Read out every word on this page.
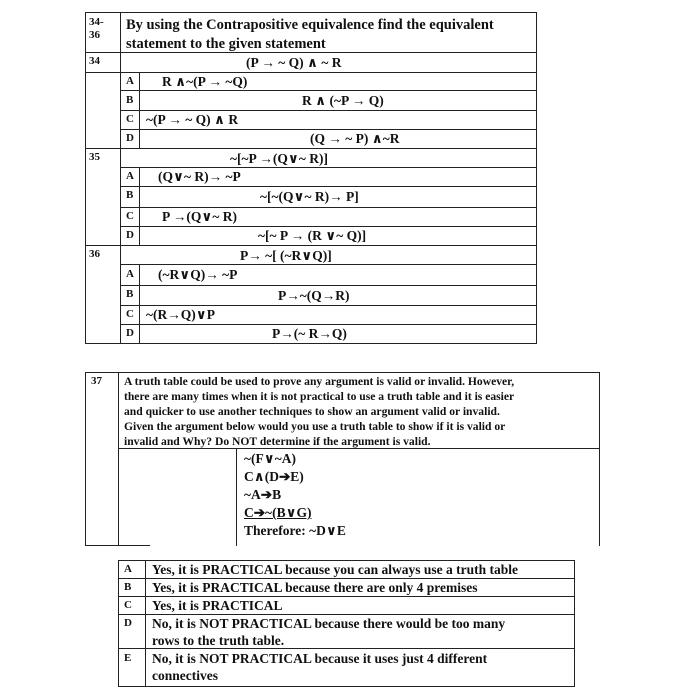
34-
36
By using the Contrapositive equivalence find the equivalent
statement to the given statement
34	(P → ~ Q) ∧ ~ R
A R ∧~(P → ~Q)
B	R ∧ (~P → Q)
C ~(P → ~ Q) ∧ R
D	(Q → ~ P) ∧~R
35	~[~P →(Q∨~ R)]
A (Q∨~ R)→ ~P
B	~[~(Q∨~ R)→ P]
C P →(Q∨~ R)
D	~[~ P → (R ∨~ Q)]
36	P→ ~[ (~R∨Q)]
A (~R∨Q)→ ~P
B	P→~(Q→R)
C ~(R→Q)∨P
D	P→(~ R→Q)
37 A truth table could be used to prove any argument is valid or invalid. However,
there are many times when it is not practical to use a truth table and it is easier
and quicker to use another techniques to show an argument valid or invalid.
Given the argument below would you use a truth table to show if it is valid or
invalid and Why? Do NOT determine if the argument is valid.
~(F∨~A)
C∧(D➔E)
~A➔B
C➔~(B∨G)
Therefore: ~D∨E
A Yes, it is PRACTICAL because you can always use a truth table
B Yes, it is PRACTICAL because there are only 4 premises
C Yes, it is PRACTICAL
D No, it is NOT PRACTICAL because there would be too many
rows to the truth table.
E No, it is NOT PRACTICAL because it uses just 4 different
connectives
